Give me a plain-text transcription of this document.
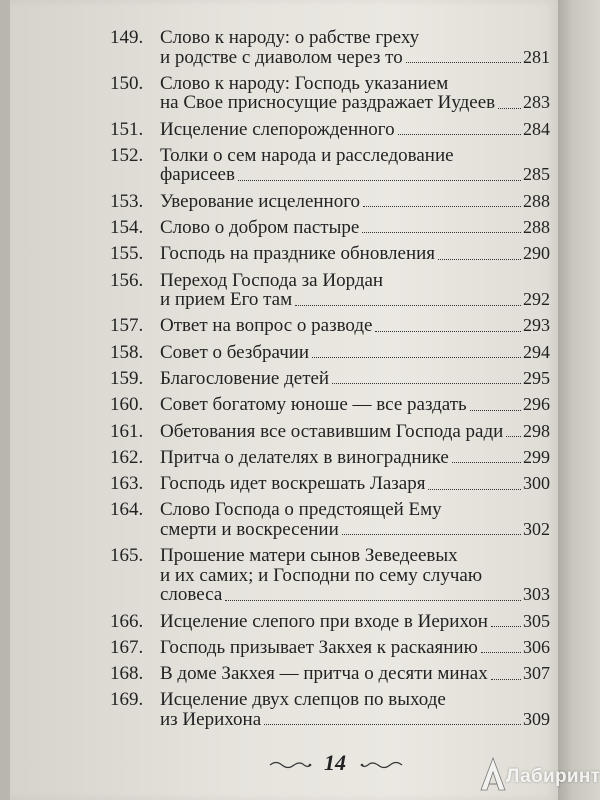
149. Слово к народу: о рабстве греху
и родстве с диаволом через то	281
150. Слово к народу: Господь указанием
на Свое присносущие раздражает Иудеев 283
151. Исцеление слепорожденного	284
152. Толки о сем народа и расследование
фарисеев	285
153. Уверование исцеленного	288
154. Слово о добром пастыре	288
155. Господь на празднике обновления	290
156. Переход Господа за Иордан
и прием Его там	292
157. Ответ на вопрос о разводе	293
158. Совет о безбрачии	294
159. Благословение детей	295
160. Совет богатому юноше — все раздать	296
161. Обетования все оставившим Господа ради 298
162. Притча о делателях в винограднике	299
163. Господь идет воскрешать Лазаря	300
164. Слово Господа о предстоящей Ему
смерти и воскресении	302
165. Прошение матери сынов Зеведеевых
и их самих; и Господни по сему случаю
словеса	303
166. Исцеление слепого при входе в Иерихон 305
167. Господь призывает Закхея к раскаянию	306
168. В доме Закхея — притча о десяти минах 307
169. Исцеление двух слепцов по выходе
из Иерихона	309
14
Лабиринт
